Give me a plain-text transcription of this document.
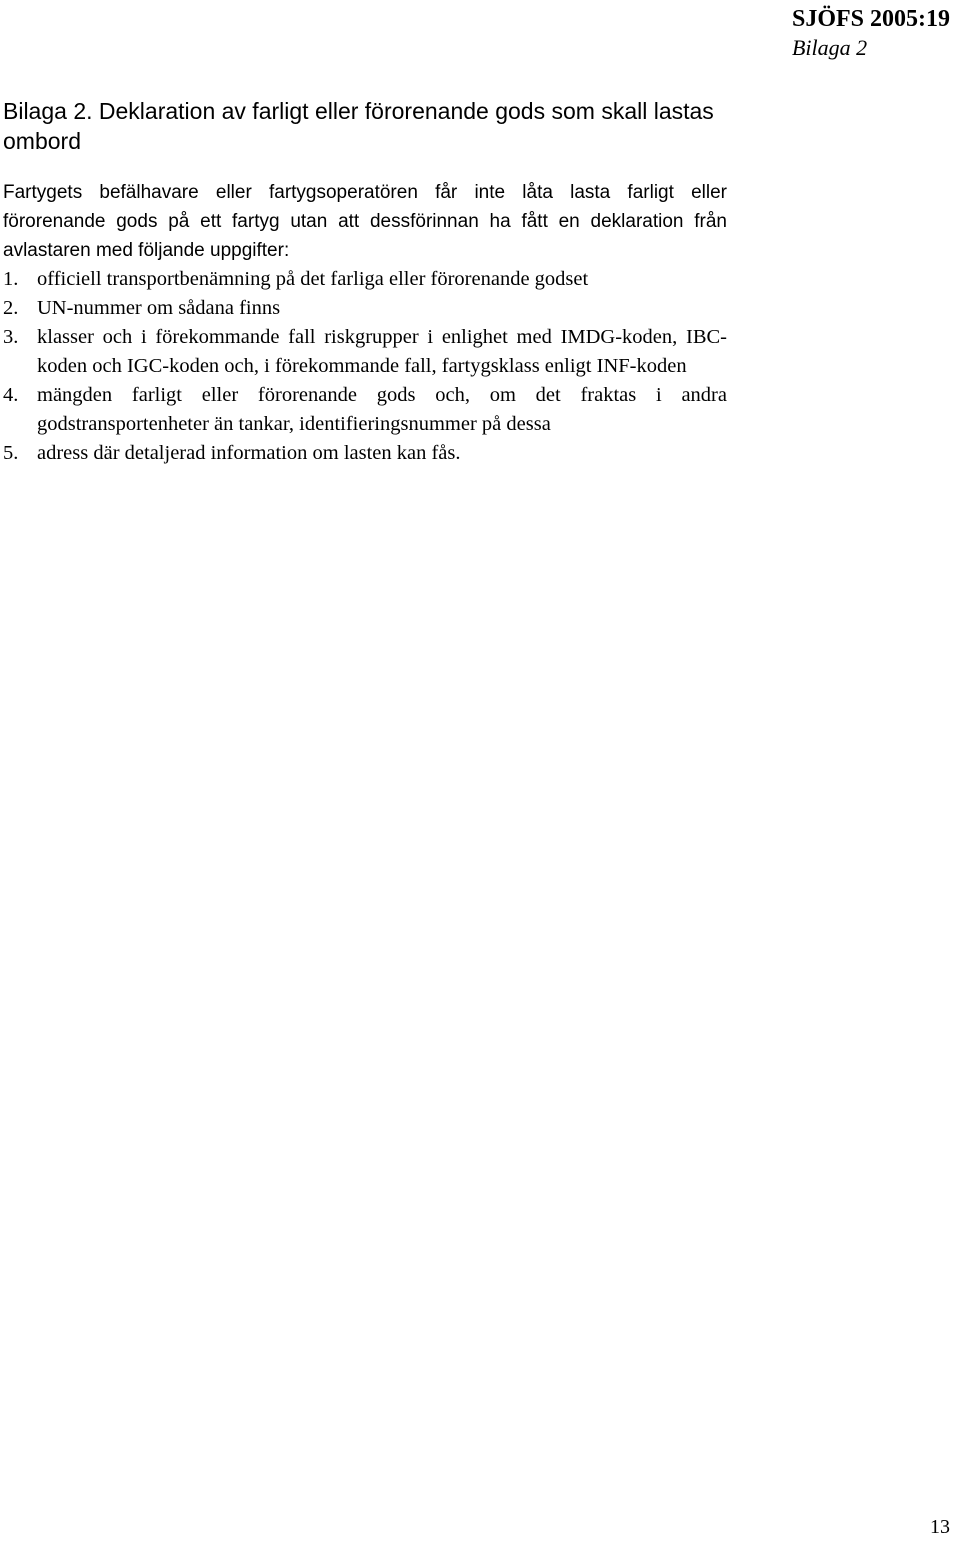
SJÖFS 2005:19
Bilaga 2
Bilaga 2. Deklaration av farligt eller förorenande gods som skall lastas ombord

Fartygets befälhavare eller fartygsoperatören får inte låta lasta farligt eller förorenande gods på ett fartyg utan att dessförinnan ha fått en deklaration från avlastaren med följande uppgifter:

1. officiell transportbenämning på det farliga eller förorenande godset
2. UN-nummer om sådana finns
3. klasser och i förekommande fall riskgrupper i enlighet med IMDG-koden, IBC-koden och IGC-koden och, i förekommande fall, fartygsklass enligt INF-koden
4. mängden farligt eller förorenande gods och, om det fraktas i andra godstransportenheter än tankar, identifieringsnummer på dessa
5. adress där detaljerad information om lasten kan fås.
13
